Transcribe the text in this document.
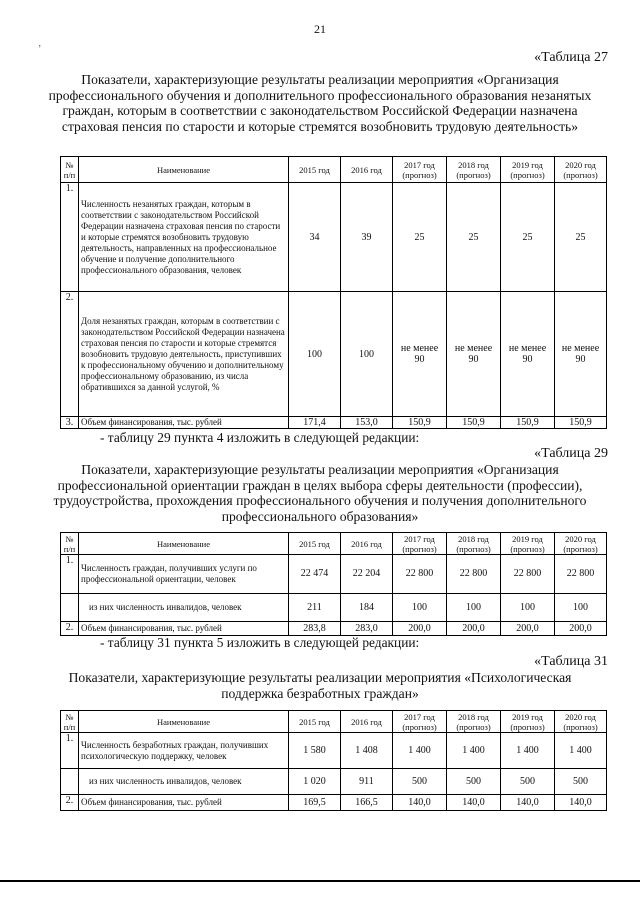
21
‚
«Таблица 27
Показатели, характеризующие результаты реализации мероприятия «Организация профессионального обучения и дополнительного профессионального образования незанятых граждан, которым в соответствии с законодательством Российской Федерации назначена страховая пенсия по старости и которые стремятся возобновить трудовую деятельность»
№ п/п	Наименование	2015 год	2016 год	2017 год (прогноз)	2018 год (прогноз)	2019 год (прогноз)	2020 год (прогноз)
1.	Численность незанятых граждан, которым в соответствии с законодательством Российской Федерации назначена страховая пенсия по старости и которые стремятся возобновить трудовую деятельность, направленных на профессиональное обучение и получение дополнительного профессионального образования, человек	34	39	25	25	25	25
2.	Доля незанятых граждан, которым в соответствии с законодательством Российской Федерации назначена страховая пенсия по старости и которые стремятся возобновить трудовую деятельность, приступивших к профессиональному обучению и дополнительному профессиональному образованию, из числа обратившихся за данной услугой, %	100	100	не менее 90	не менее 90	не менее 90	не менее 90
3.	Объем финансирования, тыс. рублей	171,4	153,0	150,9	150,9	150,9	150,9
- таблицу 29 пункта 4 изложить в следующей редакции:
«Таблица 29
Показатели, характеризующие результаты реализации мероприятия «Организация профессиональной ориентации граждан в целях выбора сферы деятельности (профессии), трудоустройства, прохождения профессионального обучения и получения дополнительного профессионального образования»
№ п/п	Наименование	2015 год	2016 год	2017 год (прогноз)	2018 год (прогноз)	2019 год (прогноз)	2020 год (прогноз)
1.	Численность граждан, получивших услуги по профессиональной ориентации, человек	22 474	22 204	22 800	22 800	22 800	22 800
	из них численность инвалидов, человек	211	184	100	100	100	100
2.	Объем финансирования, тыс. рублей	283,8	283,0	200,0	200,0	200,0	200,0
- таблицу 31 пункта 5 изложить в следующей редакции:
«Таблица 31
Показатели, характеризующие результаты реализации мероприятия «Психологическая поддержка безработных граждан»
№ п/п	Наименование	2015 год	2016 год	2017 год (прогноз)	2018 год (прогноз)	2019 год (прогноз)	2020 год (прогноз)
1.	Численность безработных граждан, получивших психологическую поддержку, человек	1 580	1 408	1 400	1 400	1 400	1 400
	из них численность инвалидов, человек	1 020	911	500	500	500	500
2.	Объем финансирования, тыс. рублей	169,5	166,5	140,0	140,0	140,0	140,0
